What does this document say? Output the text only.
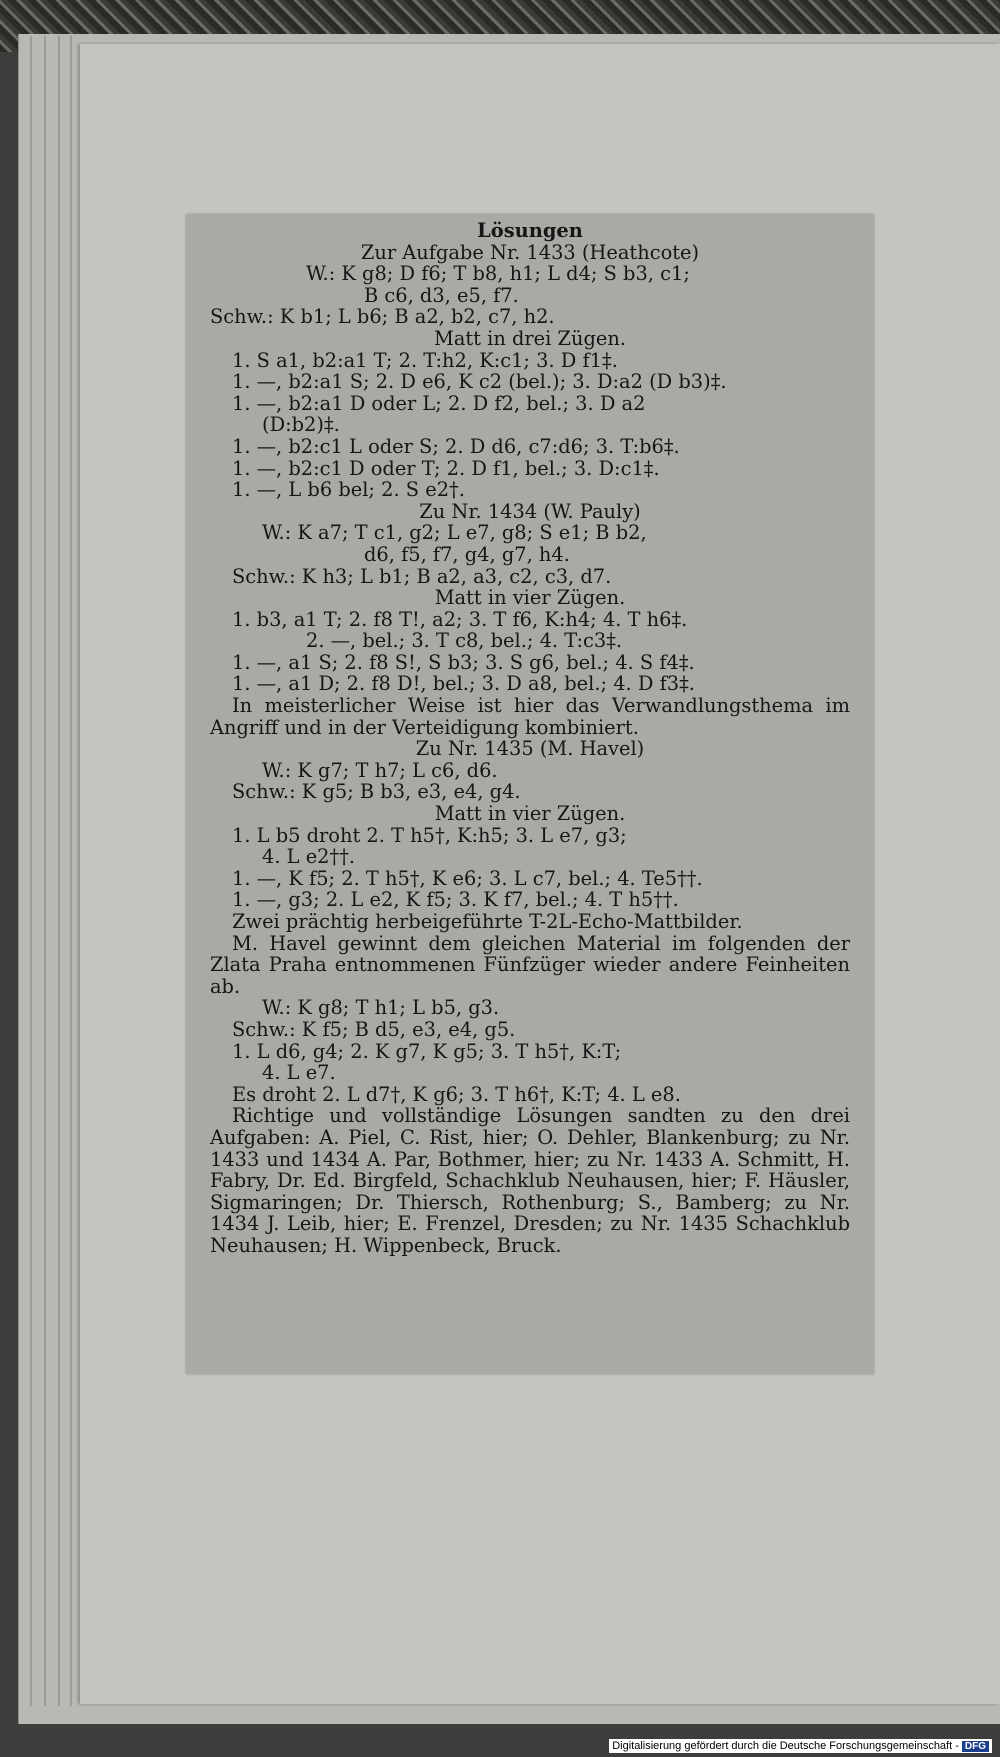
Lösungen
Zur Aufgabe Nr. 1433 (Heathcote)
W.: K g8; D f6; T b8, h1; L d4; S b3, c1;
B c6, d3, e5, f7.
Schw.: K b1; L b6; B a2, b2, c7, h2.
Matt in drei Zügen.
1. S a1, b2:a1 T; 2. T:h2, K:c1; 3. D f1‡.
1. —, b2:a1 S; 2. D e6, K c2 (bel.); 3. D:a2 (D b3)‡.
1. —, b2:a1 D oder L; 2. D f2, bel.; 3. D a2
(D:b2)‡.
1. —, b2:c1 L oder S; 2. D d6, c7:d6; 3. T:b6‡.
1. —, b2:c1 D oder T; 2. D f1, bel.; 3. D:c1‡.
1. —, L b6 bel; 2. S e2†.
Zu Nr. 1434 (W. Pauly)
W.: K a7; T c1, g2; L e7, g8; S e1; B b2,
d6, f5, f7, g4, g7, h4.
Schw.: K h3; L b1; B a2, a3, c2, c3, d7.
Matt in vier Zügen.
1. b3, a1 T; 2. f8 T!, a2; 3. T f6, K:h4; 4. T h6‡.
2. —, bel.; 3. T c8, bel.; 4. T:c3‡.
1. —, a1 S; 2. f8 S!, S b3; 3. S g6, bel.; 4. S f4‡.
1. —, a1 D; 2. f8 D!, bel.; 3. D a8, bel.; 4. D f3‡.
In meisterlicher Weise ist hier das Verwandlungsthema im Angriff und in der Verteidigung kombiniert.
Zu Nr. 1435 (M. Havel)
W.: K g7; T h7; L c6, d6.
Schw.: K g5; B b3, e3, e4, g4.
Matt in vier Zügen.
1. L b5 droht 2. T h5†, K:h5; 3. L e7, g3;
4. L e2††.
1. —, K f5; 2. T h5†, K e6; 3. L c7, bel.; 4. Te5††.
1. —, g3; 2. L e2, K f5; 3. K f7, bel.; 4. T h5††.
Zwei prächtig herbeigeführte T-2L-Echo-Mattbilder.
M. Havel gewinnt dem gleichen Material im folgenden der Zlata Praha entnommenen Fünfzüger wieder andere Feinheiten ab.
W.: K g8; T h1; L b5, g3.
Schw.: K f5; B d5, e3, e4, g5.
1. L d6, g4; 2. K g7, K g5; 3. T h5†, K:T;
4. L e7.
Es droht 2. L d7†, K g6; 3. T h6†, K:T; 4. L e8.
Richtige und vollständige Lösungen sandten zu den drei Aufgaben: A. Piel, C. Rist, hier; O. Dehler, Blankenburg; zu Nr. 1433 und 1434 A. Par, Bothmer, hier; zu Nr. 1433 A. Schmitt, H. Fabry, Dr. Ed. Birgfeld, Schachklub Neuhausen, hier; F. Häusler, Sigmaringen; Dr. Thiersch, Rothenburg; S., Bamberg; zu Nr. 1434 J. Leib, hier; E. Frenzel, Dresden; zu Nr. 1435 Schachklub Neuhausen; H. Wippenbeck, Bruck.
Digitalisierung gefördert durch die Deutsche Forschungsgemeinschaft - DFG
